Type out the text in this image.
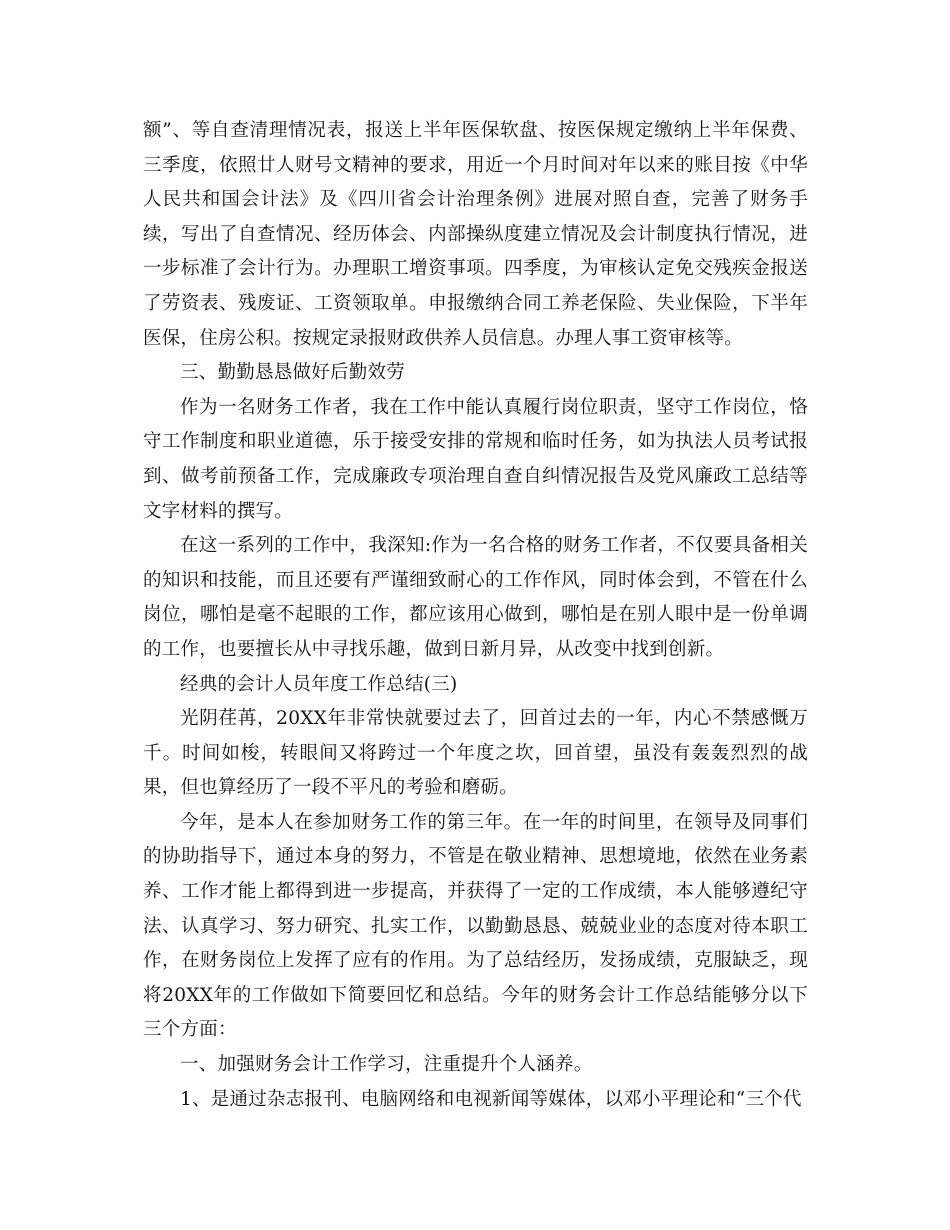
额”、等自查清理情况表，报送上半年医保软盘、按医保规定缴纳上半年保费、三季度，依照廿人财号文精神的要求，用近一个月时间对年以来的账目按《中华人民共和国会计法》及《四川省会计治理条例》进展对照自查，完善了财务手续，写出了自查情况、经历体会、内部操纵度建立情况及会计制度执行情况，进一步标准了会计行为。办理职工增资事项。四季度，为审核认定免交残疾金报送了劳资表、残废证、工资领取单。申报缴纳合同工养老保险、失业保险，下半年医保，住房公积。按规定录报财政供养人员信息。办理人事工资审核等。

三、勤勤恳恳做好后勤效劳

作为一名财务工作者，我在工作中能认真履行岗位职责，坚守工作岗位，恪守工作制度和职业道德，乐于接受安排的常规和临时任务，如为执法人员考试报到、做考前预备工作，完成廉政专项治理自查自纠情况报告及党风廉政工总结等文字材料的撰写。

在这一系列的工作中，我深知:作为一名合格的财务工作者，不仅要具备相关的知识和技能，而且还要有严谨细致耐心的工作作风，同时体会到，不管在什么岗位，哪怕是毫不起眼的工作，都应该用心做到，哪怕是在别人眼中是一份单调的工作，也要擅长从中寻找乐趣，做到日新月异，从改变中找到创新。

经典的会计人员年度工作总结(三)

光阴荏苒，20XX年非常快就要过去了，回首过去的一年，内心不禁感慨万千。时间如梭，转眼间又将跨过一个年度之坎，回首望，虽没有轰轰烈烈的战果，但也算经历了一段不平凡的考验和磨砺。

今年，是本人在参加财务工作的第三年。在一年的时间里，在领导及同事们的协助指导下，通过本身的努力，不管是在敬业精神、思想境地，依然在业务素养、工作才能上都得到进一步提高，并获得了一定的工作成绩，本人能够遵纪守法、认真学习、努力研究、扎实工作，以勤勤恳恳、兢兢业业的态度对待本职工作，在财务岗位上发挥了应有的作用。为了总结经历，发扬成绩，克服缺乏，现将20XX年的工作做如下简要回忆和总结。今年的财务会计工作总结能够分以下三个方面：

一、加强财务会计工作学习，注重提升个人涵养。

1、是通过杂志报刊、电脑网络和电视新闻等媒体，以邓小平理论和“三个代
